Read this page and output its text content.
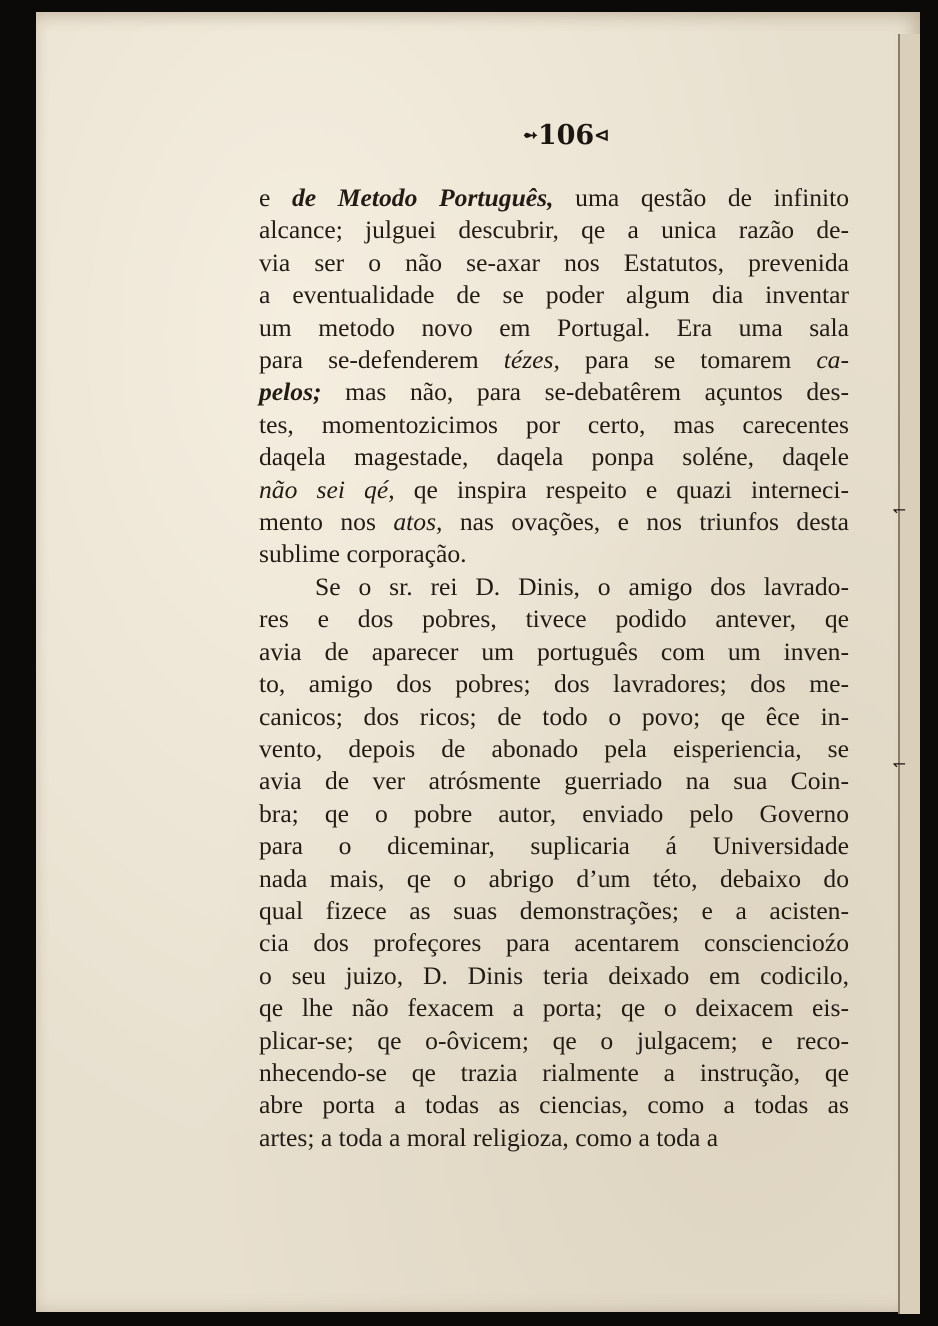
➻106⊲
e de Metodo Português, uma qestão de infinito
alcance; julguei descubrir, qe a unica razão de-
via ser o não se-axar nos Estatutos, prevenida
a eventualidade de se poder algum dia inventar
um metodo novo em Portugal. Era uma sala
para se-defenderem tézes, para se tomarem ca-
pelos; mas não, para se-debatêrem açuntos des-
tes, momentozicimos por certo, mas carecentes
daqela magestade, daqela ponpa soléne, daqele
não sei qé, qe inspira respeito e quazi interneci-
mento nos atos, nas ovações, e nos triunfos desta
sublime corporação.
Se o sr. rei D. Dinis, o amigo dos lavrado-
res e dos pobres, tivece podido antever, qe
avia de aparecer um português com um inven-
to, amigo dos pobres; dos lavradores; dos me-
canicos; dos ricos; de todo o povo; qe êce in-
vento, depois de abonado pela eisperiencia, se
avia de ver atrósmente guerriado na sua Coin-
bra; qe o pobre autor, enviado pelo Governo
para o diceminar, suplicaria á Universidade
nada mais, qe o abrigo d’um této, debaixo do
qual fizece as suas demonstrações; e a acisten-
cia dos profeçores para acentarem consciencioźo
o seu juizo, D. Dinis teria deixado em codicilo,
qe lhe não fexacem a porta; qe o deixacem eis-
plicar-se; qe o-ôvicem; qe o julgacem; e reco-
nhecendo-se qe trazia rialmente a instrução, qe
abre porta a todas as ciencias, como a todas as
artes; a toda a moral religioza, como a toda a
↽
↽
